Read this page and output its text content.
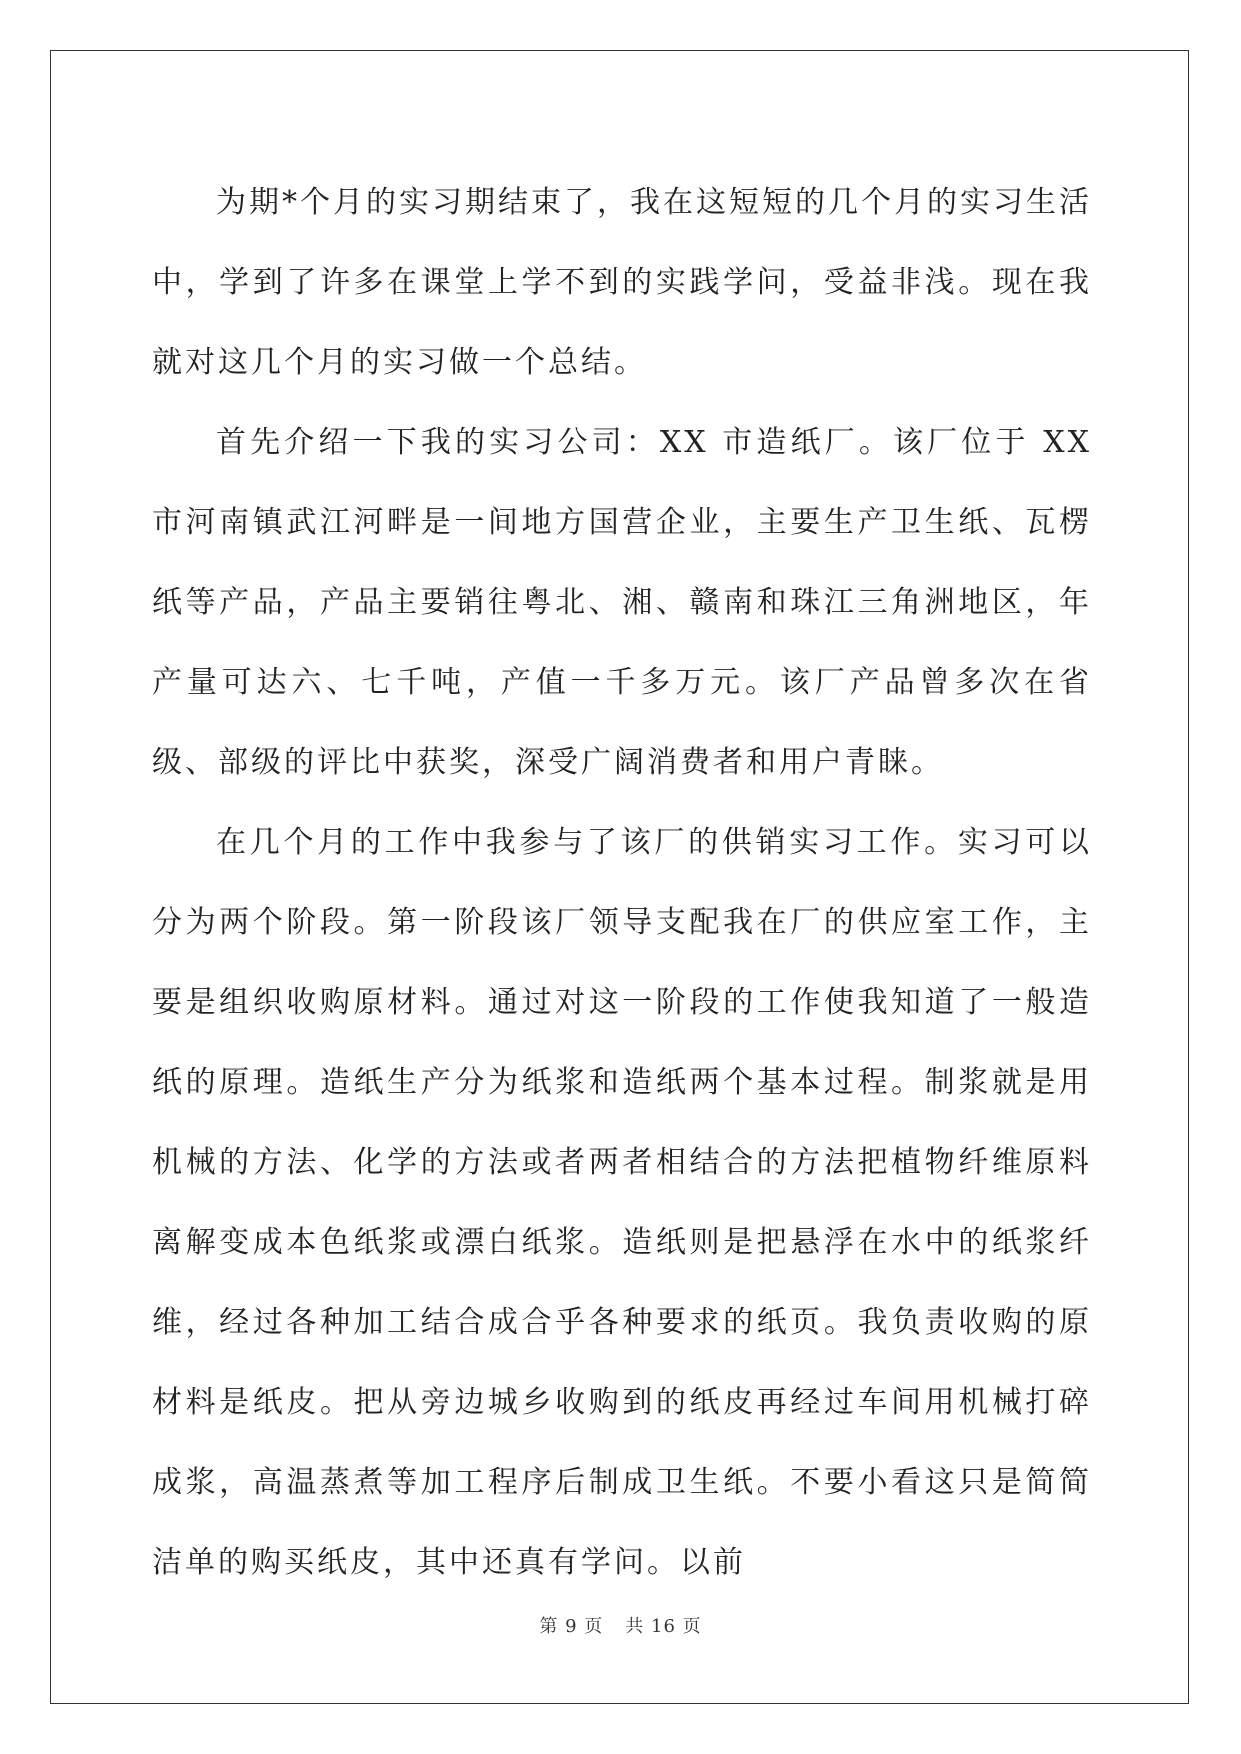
为期*个月的实习期结束了，我在这短短的几个月的实习生活中，学到了许多在课堂上学不到的实践学问，受益非浅。现在我就对这几个月的实习做一个总结。

首先介绍一下我的实习公司：XX 市造纸厂。该厂位于 XX 市河南镇武江河畔是一间地方国营企业，主要生产卫生纸、瓦楞纸等产品，产品主要销往粤北、湘、赣南和珠江三角洲地区，年产量可达六、七千吨，产值一千多万元。该厂产品曾多次在省级、部级的评比中获奖，深受广阔消费者和用户青睐。

在几个月的工作中我参与了该厂的供销实习工作。实习可以分为两个阶段。第一阶段该厂领导支配我在厂的供应室工作，主要是组织收购原材料。通过对这一阶段的工作使我知道了一般造纸的原理。造纸生产分为纸浆和造纸两个基本过程。制浆就是用机械的方法、化学的方法或者两者相结合的方法把植物纤维原料离解变成本色纸浆或漂白纸浆。造纸则是把悬浮在水中的纸浆纤维，经过各种加工结合成合乎各种要求的纸页。我负责收购的原材料是纸皮。把从旁边城乡收购到的纸皮再经过车间用机械打碎成浆，高温蒸煮等加工程序后制成卫生纸。不要小看这只是简简洁单的购买纸皮，其中还真有学问。以前

第 9 页 共 16 页
